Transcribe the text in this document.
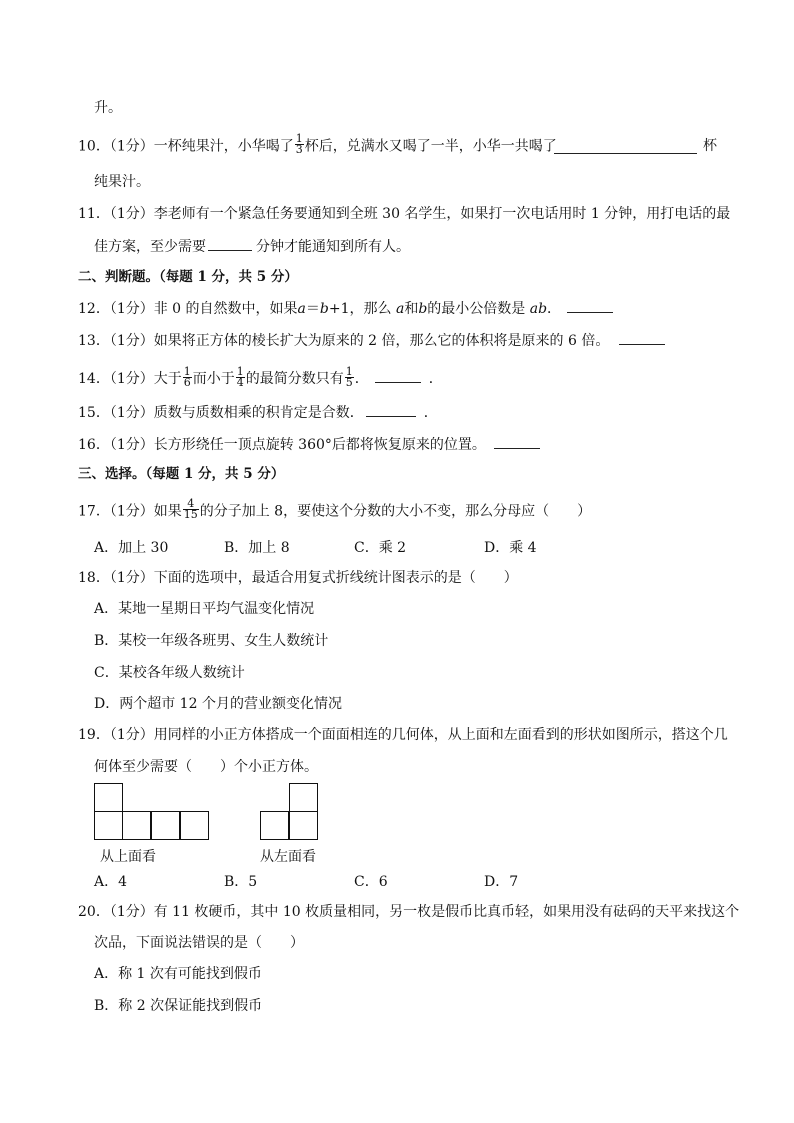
升。
10．（1分）一杯纯果汁，小华喝了 $\frac{1}{3}$ 杯后，兑满水又喝了一半，小华一共喝了	杯
纯果汁。
11．（1分）李老师有一个紧急任务要通知到全班 30 名学生，如果打一次电话用时 1 分钟，用打电话的最
佳方案，至少需要	分钟才能通知到所有人。
二、判断题。（每题 1 分，共 5 分）
12．（1分）非 0 的自然数中，如果a＝b+1，那么 a和b的最小公倍数是 ab．
13．（1分）如果将正方体的棱长扩大为原来的 2 倍，那么它的体积将是原来的 6 倍。
14．（1分）大于 $\frac{1}{6}$ 而小于 $\frac{1}{4}$ 的最简分数只有 $\frac{1}{5}$ ．	．
15．（1分）质数与质数相乘的积肯定是合数．	．
16．（1分）长方形绕任一顶点旋转 360°后都将恢复原来的位置。
三、选择。（每题 1 分，共 5 分）
17．（1分）如果 $\frac{4}{15}$ 的分子加上 8，要使这个分数的大小不变，那么分母应（　　）
A．加上 30	B．加上 8	C．乘 2	D．乘 4
18．（1分）下面的选项中，最适合用复式折线统计图表示的是（　　）
A．某地一星期日平均气温变化情况
B．某校一年级各班男、女生人数统计
C．某校各年级人数统计
D．两个超市 12 个月的营业额变化情况
19．（1分）用同样的小正方体搭成一个面面相连的几何体，从上面和左面看到的形状如图所示，搭这个几
何体至少需要（　　）个小正方体。
从上面看	从左面看
A．4	B．5	C．6	D．7
20．（1分）有 11 枚硬币，其中 10 枚质量相同，另一枚是假币比真币轻，如果用没有砝码的天平来找这个
次品，下面说法错误的是（　　）
A．称 1 次有可能找到假币
B．称 2 次保证能找到假币
